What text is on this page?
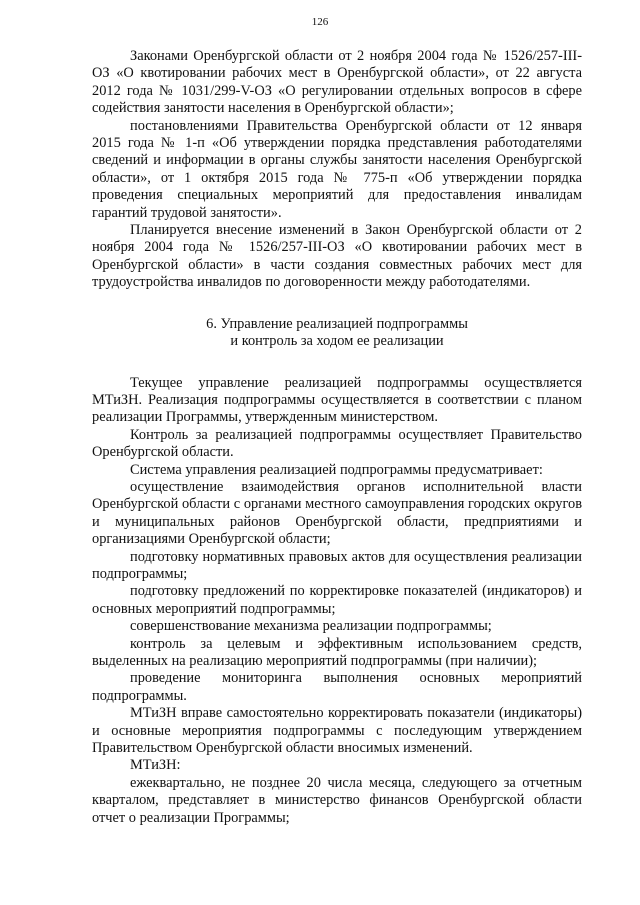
126

Законами Оренбургской области от 2 ноября 2004 года № 1526/257-III-ОЗ «О квотировании рабочих мест в Оренбургской области», от 22 августа 2012 года № 1031/299-V-ОЗ «О регулировании отдельных вопросов в сфере содействия занятости населения в Оренбургской области»;

постановлениями Правительства Оренбургской области от 12 января 2015 года № 1-п «Об утверждении порядка представления работодателями сведений и информации в органы службы занятости населения Оренбургской области», от 1 октября 2015 года № 775-п «Об утверждении порядка проведения специальных мероприятий для предоставления инвалидам гарантий трудовой занятости».

Планируется внесение изменений в Закон Оренбургской области от 2 ноября 2004 года № 1526/257-III-ОЗ «О квотировании рабочих мест в Оренбургской области» в части создания совместных рабочих мест для трудоустройства инвалидов по договоренности между работодателями.

6. Управление реализацией подпрограммы
и контроль за ходом ее реализации

Текущее управление реализацией подпрограммы осуществляется МТиЗН. Реализация подпрограммы осуществляется в соответствии с планом реализации Программы, утвержденным министерством.

Контроль за реализацией подпрограммы осуществляет Правительство Оренбургской области.

Система управления реализацией подпрограммы предусматривает:

осуществление взаимодействия органов исполнительной власти Оренбургской области с органами местного самоуправления городских округов и муниципальных районов Оренбургской области, предприятиями и организациями Оренбургской области;

подготовку нормативных правовых актов для осуществления реализации подпрограммы;

подготовку предложений по корректировке показателей (индикаторов) и основных мероприятий подпрограммы;

совершенствование механизма реализации подпрограммы;

контроль за целевым и эффективным использованием средств, выделенных на реализацию мероприятий подпрограммы (при наличии);

проведение мониторинга выполнения основных мероприятий подпрограммы.

МТиЗН вправе самостоятельно корректировать показатели (индикаторы) и основные мероприятия подпрограммы с последующим утверждением Правительством Оренбургской области вносимых изменений.

МТиЗН:

ежеквартально, не позднее 20 числа месяца, следующего за отчетным кварталом, представляет в министерство финансов Оренбургской области отчет о реализации Программы;
